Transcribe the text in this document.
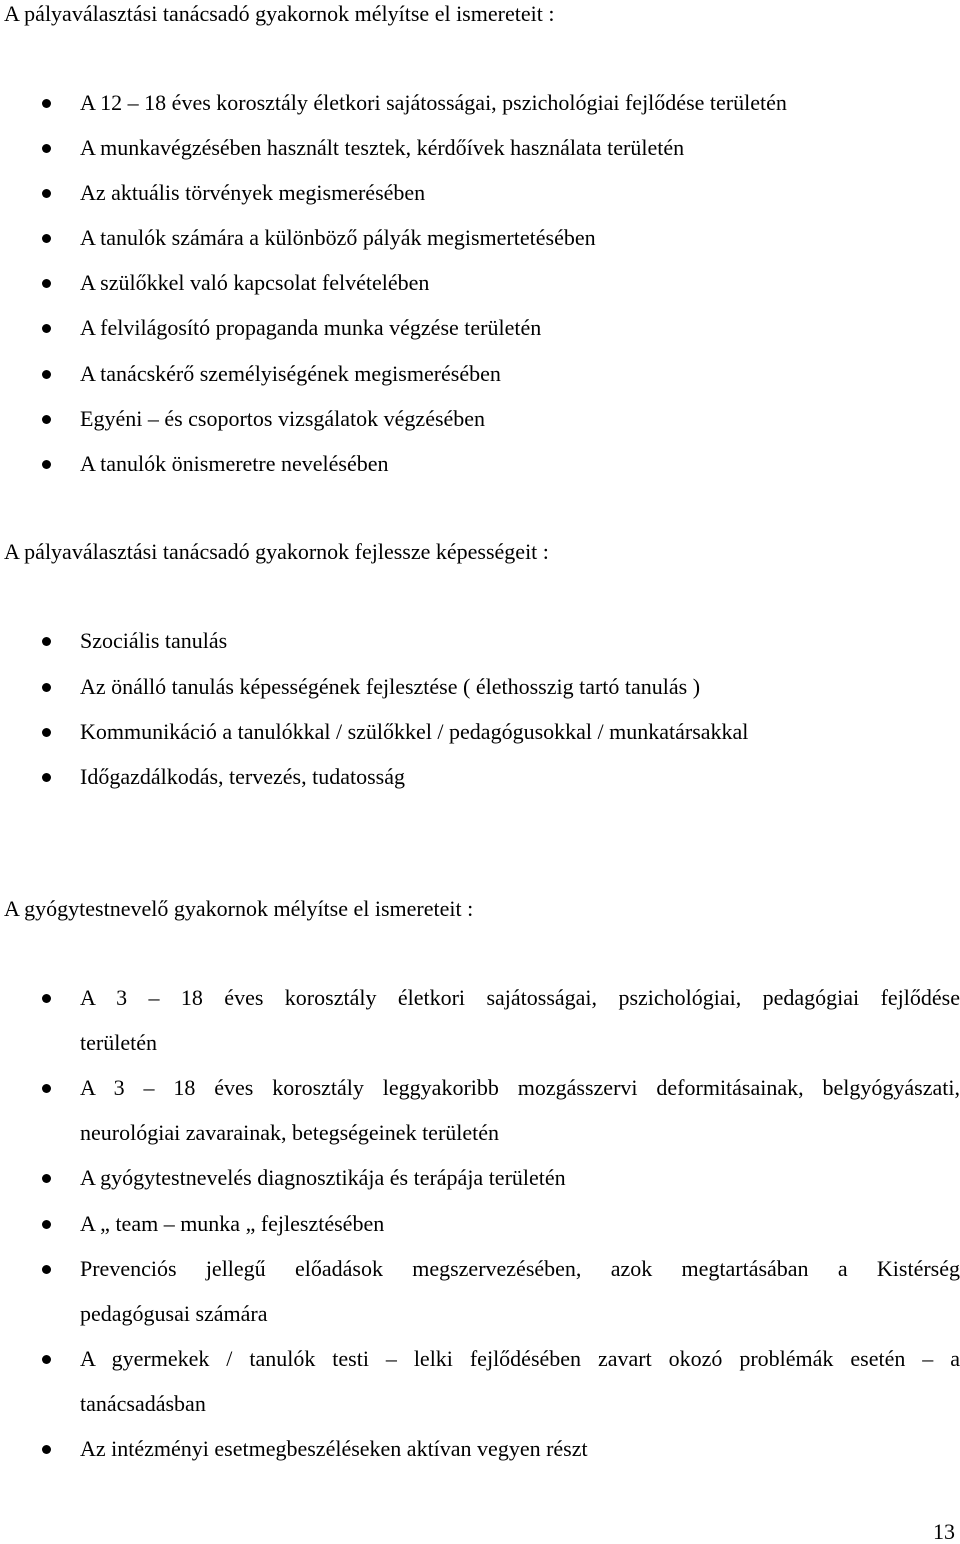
A pályaválasztási tanácsadó gyakornok mélyítse el ismereteit :
A 12 – 18 éves korosztály életkori sajátosságai, pszichológiai fejlődése területén
A munkavégzésében használt tesztek, kérdőívek használata területén
Az aktuális törvények megismerésében
A tanulók számára a különböző pályák megismertetésében
A szülőkkel való kapcsolat felvételében
A felvilágosító propaganda munka végzése területén
A tanácskérő személyiségének megismerésében
Egyéni – és csoportos vizsgálatok végzésében
A tanulók önismeretre nevelésében
A pályaválasztási tanácsadó gyakornok fejlessze képességeit :
Szociális tanulás
Az önálló tanulás képességének fejlesztése ( élethosszig tartó tanulás )
Kommunikáció a tanulókkal / szülőkkel / pedagógusokkal / munkatársakkal
Időgazdálkodás, tervezés, tudatosság
A gyógytestnevelő gyakornok mélyítse el ismereteit :
A 3 – 18 éves korosztály életkori sajátosságai, pszichológiai, pedagógiai fejlődése
területén
A 3 – 18 éves korosztály leggyakoribb mozgásszervi deformitásainak, belgyógyászati,
neurológiai zavarainak, betegségeinek területén
A gyógytestnevelés diagnosztikája és terápája területén
A „ team – munka „ fejlesztésében
Prevenciós jellegű előadások megszervezésében, azok megtartásában a Kistérség
pedagógusai számára
A gyermekek / tanulók testi – lelki fejlődésében zavart okozó problémák esetén – a
tanácsadásban
Az intézményi esetmegbeszéléseken aktívan vegyen részt
13
